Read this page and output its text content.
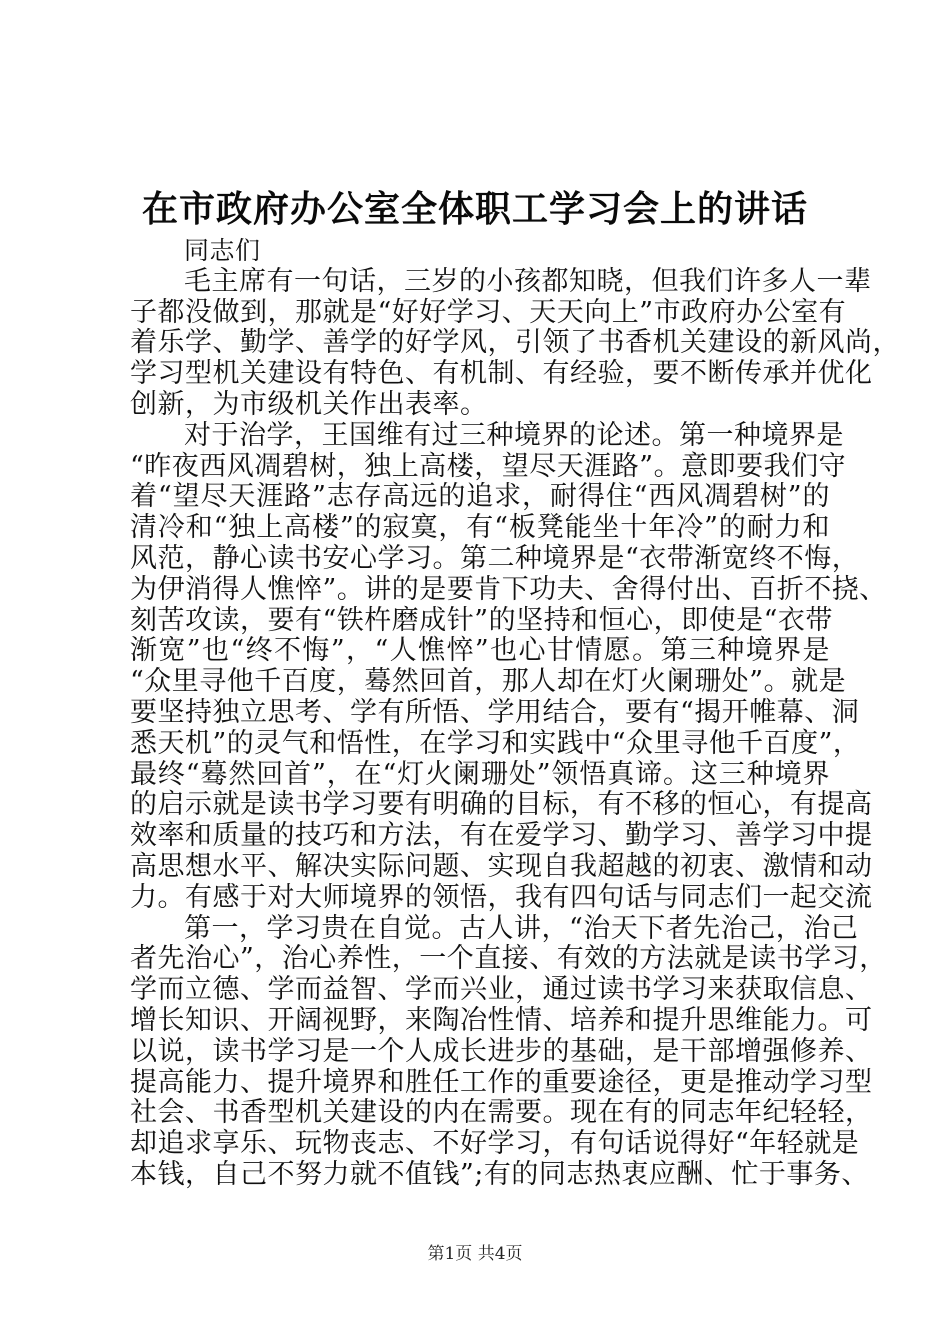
在市政府办公室全体职工学习会上的讲话
同志们
毛主席有一句话，三岁的小孩都知晓，但我们许多人一辈
子都没做到，那就是“好好学习、天天向上”市政府办公室有
着乐学、勤学、善学的好学风，引领了书香机关建设的新风尚，
学习型机关建设有特色、有机制、有经验，要不断传承并优化
创新，为市级机关作出表率。
对于治学，王国维有过三种境界的论述。第一种境界是
“昨夜西风凋碧树，独上高楼，望尽天涯路”。意即要我们守
着“望尽天涯路”志存高远的追求，耐得住“西风凋碧树”的
清冷和“独上高楼”的寂寞，有“板凳能坐十年冷”的耐力和
风范，静心读书安心学习。第二种境界是“衣带渐宽终不悔，
为伊消得人憔悴”。讲的是要肯下功夫、舍得付出、百折不挠、
刻苦攻读，要有“铁杵磨成针”的坚持和恒心，即使是“衣带
渐宽”也“终不悔”，“人憔悴”也心甘情愿。第三种境界是
“众里寻他千百度，蓦然回首，那人却在灯火阑珊处”。就是
要坚持独立思考、学有所悟、学用结合，要有“揭开帷幕、洞
悉天机”的灵气和悟性，在学习和实践中“众里寻他千百度”，
最终“蓦然回首”，在“灯火阑珊处”领悟真谛。这三种境界
的启示就是读书学习要有明确的目标，有不移的恒心，有提高
效率和质量的技巧和方法，有在爱学习、勤学习、善学习中提
高思想水平、解决实际问题、实现自我超越的初衷、激情和动
力。有感于对大师境界的领悟，我有四句话与同志们一起交流
第一，学习贵在自觉。古人讲，“治天下者先治己，治己
者先治心”，治心养性，一个直接、有效的方法就是读书学习，
学而立德、学而益智、学而兴业，通过读书学习来获取信息、
增长知识、开阔视野，来陶冶性情、培养和提升思维能力。可
以说，读书学习是一个人成长进步的基础，是干部增强修养、
提高能力、提升境界和胜任工作的重要途径，更是推动学习型
社会、书香型机关建设的内在需要。现在有的同志年纪轻轻，
却追求享乐、玩物丧志、不好学习，有句话说得好“年轻就是
本钱，自己不努力就不值钱”;有的同志热衷应酬、忙于事务、
第1页 共4页
